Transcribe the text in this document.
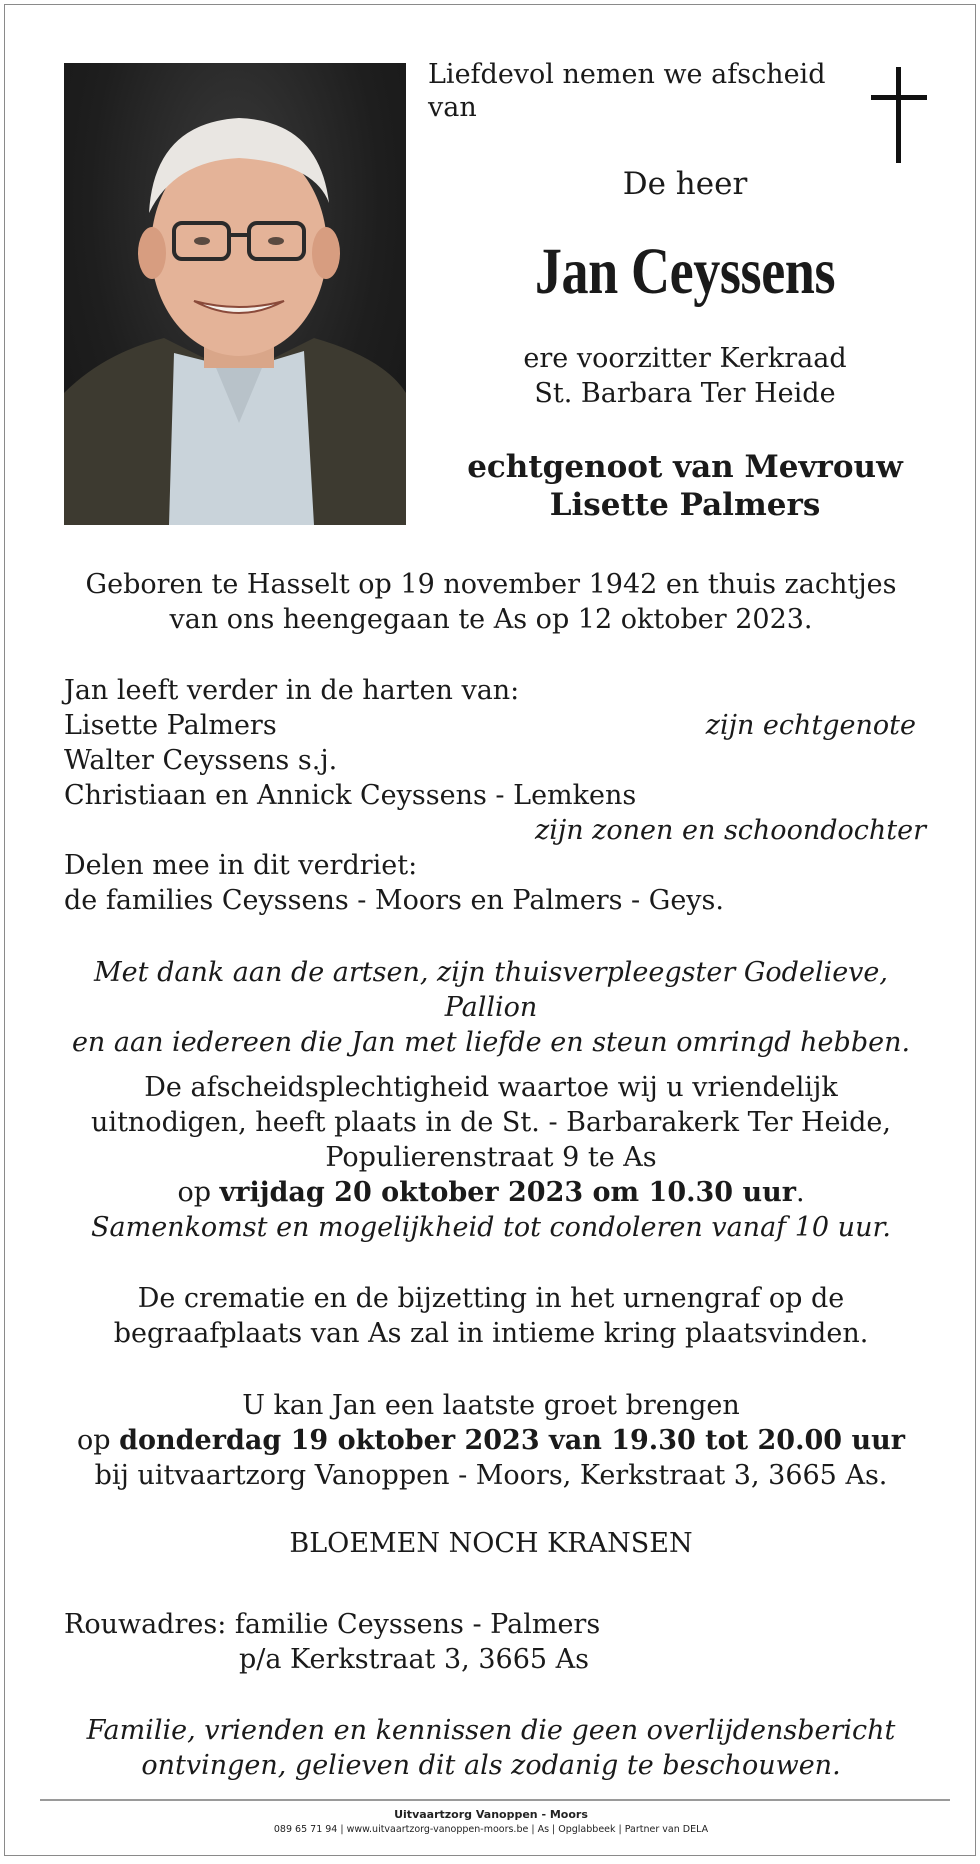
Liefdevol nemen we afscheid van
De heer
Jan Ceyssens
ere voorzitter Kerkraad
St. Barbara Ter Heide
echtgenoot van Mevrouw
Lisette Palmers
Geboren te Hasselt op 19 november 1942 en thuis zachtjes
van ons heengegaan te As op 12 oktober 2023.
Jan leeft verder in de harten van:
Lisette Palmers	zijn echtgenote
Walter Ceyssens s.j.
Christiaan en Annick Ceyssens - Lemkens
zijn zonen en schoondochter
Delen mee in dit verdriet:
de families Ceyssens - Moors en Palmers - Geys.
Met dank aan de artsen, zijn thuisverpleegster Godelieve, Pallion
en aan iedereen die Jan met liefde en steun omringd hebben.
De afscheidsplechtigheid waartoe wij u vriendelijk
uitnodigen, heeft plaats in de St. - Barbarakerk Ter Heide,
Populierenstraat 9 te As
op vrijdag 20 oktober 2023 om 10.30 uur.
Samenkomst en mogelijkheid tot condoleren vanaf 10 uur.
De crematie en de bijzetting in het urnengraf op de
begraafplaats van As zal in intieme kring plaatsvinden.
U kan Jan een laatste groet brengen
op donderdag 19 oktober 2023 van 19.30 tot 20.00 uur
bij uitvaartzorg Vanoppen - Moors, Kerkstraat 3, 3665 As.
BLOEMEN NOCH KRANSEN
Rouwadres: familie Ceyssens - Palmers
p/a Kerkstraat 3, 3665 As
Familie, vrienden en kennissen die geen overlijdensbericht
ontvingen, gelieven dit als zodanig te beschouwen.
Uitvaartzorg Vanoppen - Moors
089 65 71 94 | www.uitvaartzorg-vanoppen-moors.be | As | Opglabbeek | Partner van DELA
